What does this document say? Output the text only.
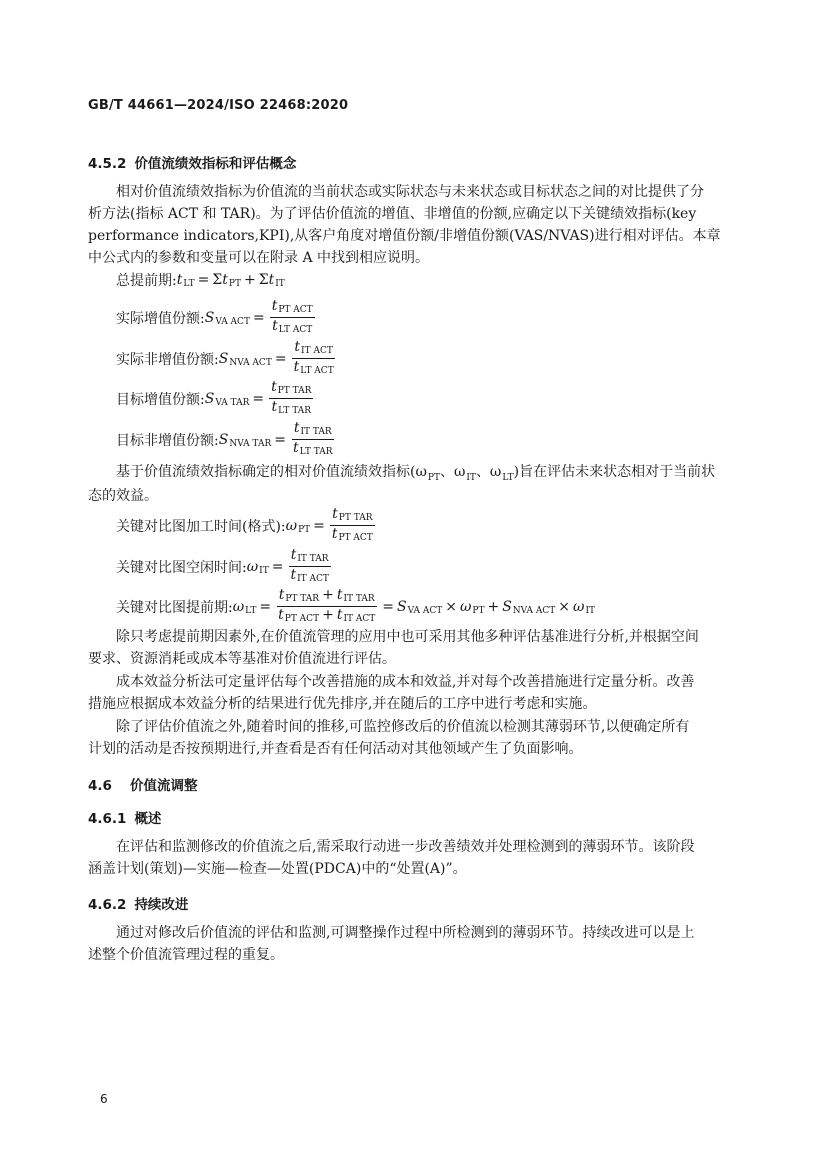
GB/T 44661—2024/ISO 22468:2020
4.5.2 价值流绩效指标和评估概念
相对价值流绩效指标为价值流的当前状态或实际状态与未来状态或目标状态之间的对比提供了分
析方法(指标 ACT 和 TAR)。为了评估价值流的增值、非增值的份额,应确定以下关键绩效指标(key
performance indicators,KPI),从客户角度对增值份额/非增值份额(VAS/NVAS)进行相对评估。本章
中公式内的参数和变量可以在附录 A 中找到相应说明。
总提前期: t LT = Σ t PT + Σ t IT
实际增值份额: S VA ACT = $\frac{\text{tPT ACT}}{\text{tLT ACT}}$
实际非增值份额: S NVA ACT = $\frac{\text{tIT ACT}}{\text{tLT ACT}}$
目标增值份额: S VA TAR = $\frac{\text{tPT TAR}}{\text{tLT TAR}}$
目标非增值份额: S NVA TAR = $\frac{\text{tIT TAR}}{\text{tLT TAR}}$
基于价值流绩效指标确定的相对价值流绩效指标($\omega_{PT}$、$\omega_{IT}$、$\omega_{LT}$)旨在评估未来状态相对于当前状
态的效益。
关键对比图加工时间(格式): ω PT = $\frac{\text{tPT TAR}}{\text{tPT ACT}}$
关键对比图空闲时间: ω IT = $\frac{\text{tIT TAR}}{\text{tIT ACT}}$
关键对比图提前期: ω LT = $\frac{\text{tPT TAR + tIT TAR}}{\text{tPT ACT + tIT ACT}} = S$ VA ACT × ω PT + S NVA ACT × ω IT
除只考虑提前期因素外,在价值流管理的应用中也可采用其他多种评估基准进行分析,并根据空间
要求、资源消耗或成本等基准对价值流进行评估。
成本效益分析法可定量评估每个改善措施的成本和效益,并对每个改善措施进行定量分析。改善
措施应根据成本效益分析的结果进行优先排序,并在随后的工序中进行考虑和实施。
除了评估价值流之外,随着时间的推移,可监控修改后的价值流以检测其薄弱环节,以便确定所有
计划的活动是否按预期进行,并查看是否有任何活动对其他领域产生了负面影响。
4.6 价值流调整
4.6.1 概述
在评估和监测修改的价值流之后,需采取行动进一步改善绩效并处理检测到的薄弱环节。该阶段
涵盖计划(策划)—实施—检查—处置(PDCA)中的“处置(A)”。
4.6.2 持续改进
通过对修改后价值流的评估和监测,可调整操作过程中所检测到的薄弱环节。持续改进可以是上
述整个价值流管理过程的重复。
6
